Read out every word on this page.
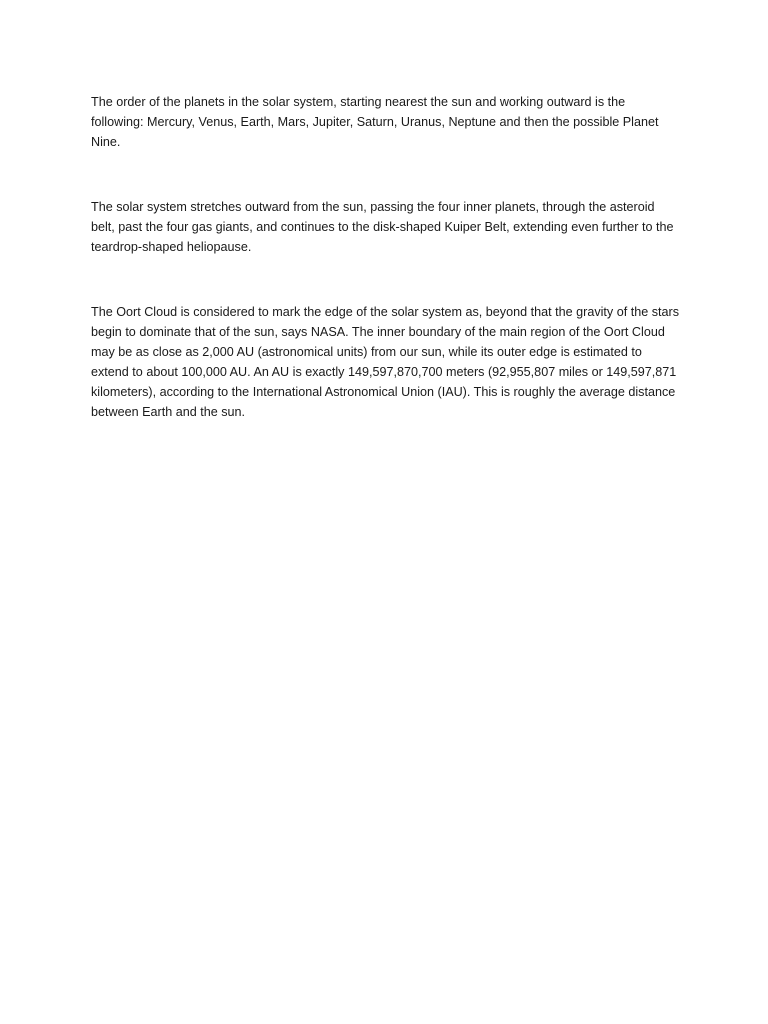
The order of the planets in the solar system, starting nearest the sun and working outward is the following: Mercury, Venus, Earth, Mars, Jupiter, Saturn, Uranus, Neptune and then the possible Planet Nine.

The solar system stretches outward from the sun, passing the four inner planets, through the asteroid belt, past the four gas giants, and continues to the disk-shaped Kuiper Belt, extending even further to the teardrop-shaped heliopause.

The Oort Cloud is considered to mark the edge of the solar system as, beyond that the gravity of the stars begin to dominate that of the sun, says NASA. The inner boundary of the main region of the Oort Cloud may be as close as 2,000 AU (astronomical units) from our sun, while its outer edge is estimated to extend to about 100,000 AU. An AU is exactly 149,597,870,700 meters (92,955,807 miles or 149,597,871 kilometers), according to the International Astronomical Union (IAU). This is roughly the average distance between Earth and the sun.
